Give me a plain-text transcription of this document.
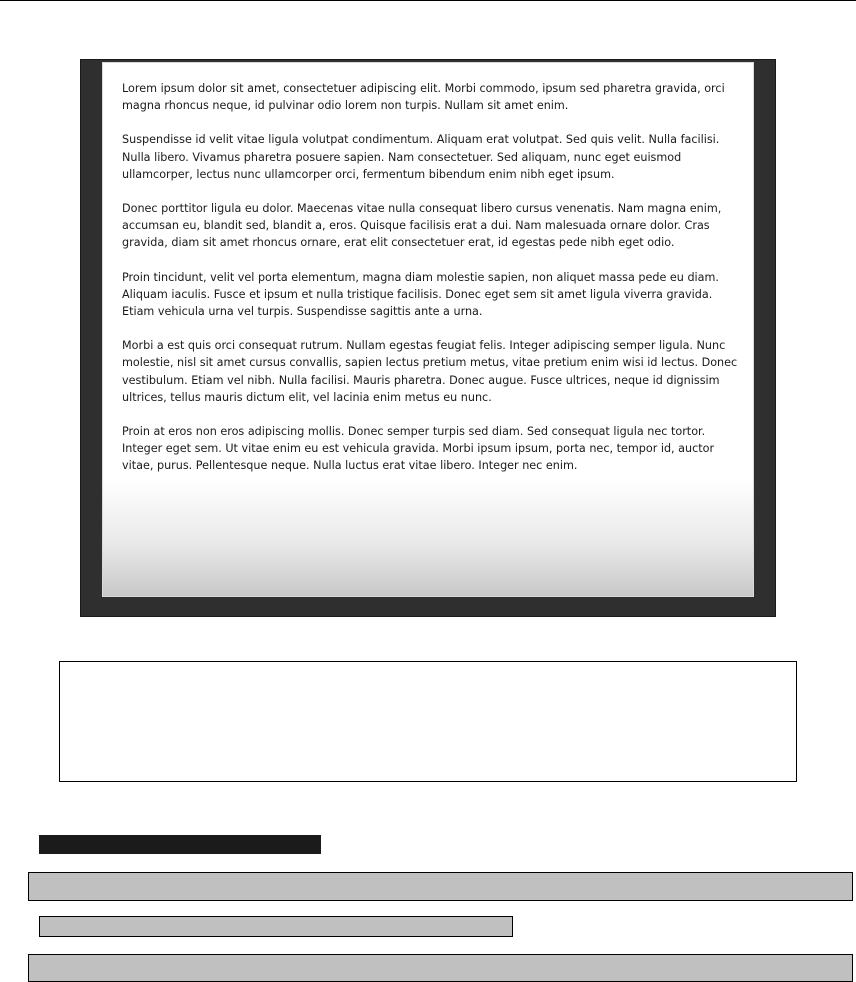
Lorem ipsum dolor sit amet, consectetuer adipiscing elit. Morbi commodo, ipsum sed pharetra gravida, orci magna rhoncus neque, id pulvinar odio lorem non turpis. Nullam sit amet enim.

Suspendisse id velit vitae ligula volutpat condimentum. Aliquam erat volutpat. Sed quis velit. Nulla facilisi. Nulla libero. Vivamus pharetra posuere sapien. Nam consectetuer. Sed aliquam, nunc eget euismod ullamcorper, lectus nunc ullamcorper orci, fermentum bibendum enim nibh eget ipsum.

Donec porttitor ligula eu dolor. Maecenas vitae nulla consequat libero cursus venenatis. Nam magna enim, accumsan eu, blandit sed, blandit a, eros. Quisque facilisis erat a dui. Nam malesuada ornare dolor. Cras gravida, diam sit amet rhoncus ornare, erat elit consectetuer erat, id egestas pede nibh eget odio.

Proin tincidunt, velit vel porta elementum, magna diam molestie sapien, non aliquet massa pede eu diam. Aliquam iaculis. Fusce et ipsum et nulla tristique facilisis. Donec eget sem sit amet ligula viverra gravida. Etiam vehicula urna vel turpis. Suspendisse sagittis ante a urna.

Morbi a est quis orci consequat rutrum. Nullam egestas feugiat felis. Integer adipiscing semper ligula. Nunc molestie, nisl sit amet cursus convallis, sapien lectus pretium metus, vitae pretium enim wisi id lectus. Donec vestibulum. Etiam vel nibh. Nulla facilisi. Mauris pharetra. Donec augue. Fusce ultrices, neque id dignissim ultrices, tellus mauris dictum elit, vel lacinia enim metus eu nunc.

Proin at eros non eros adipiscing mollis. Donec semper turpis sed diam. Sed consequat ligula nec tortor. Integer eget sem. Ut vitae enim eu est vehicula gravida. Morbi ipsum ipsum, porta nec, tempor id, auctor vitae, purus. Pellentesque neque. Nulla luctus erat vitae libero. Integer nec enim.
